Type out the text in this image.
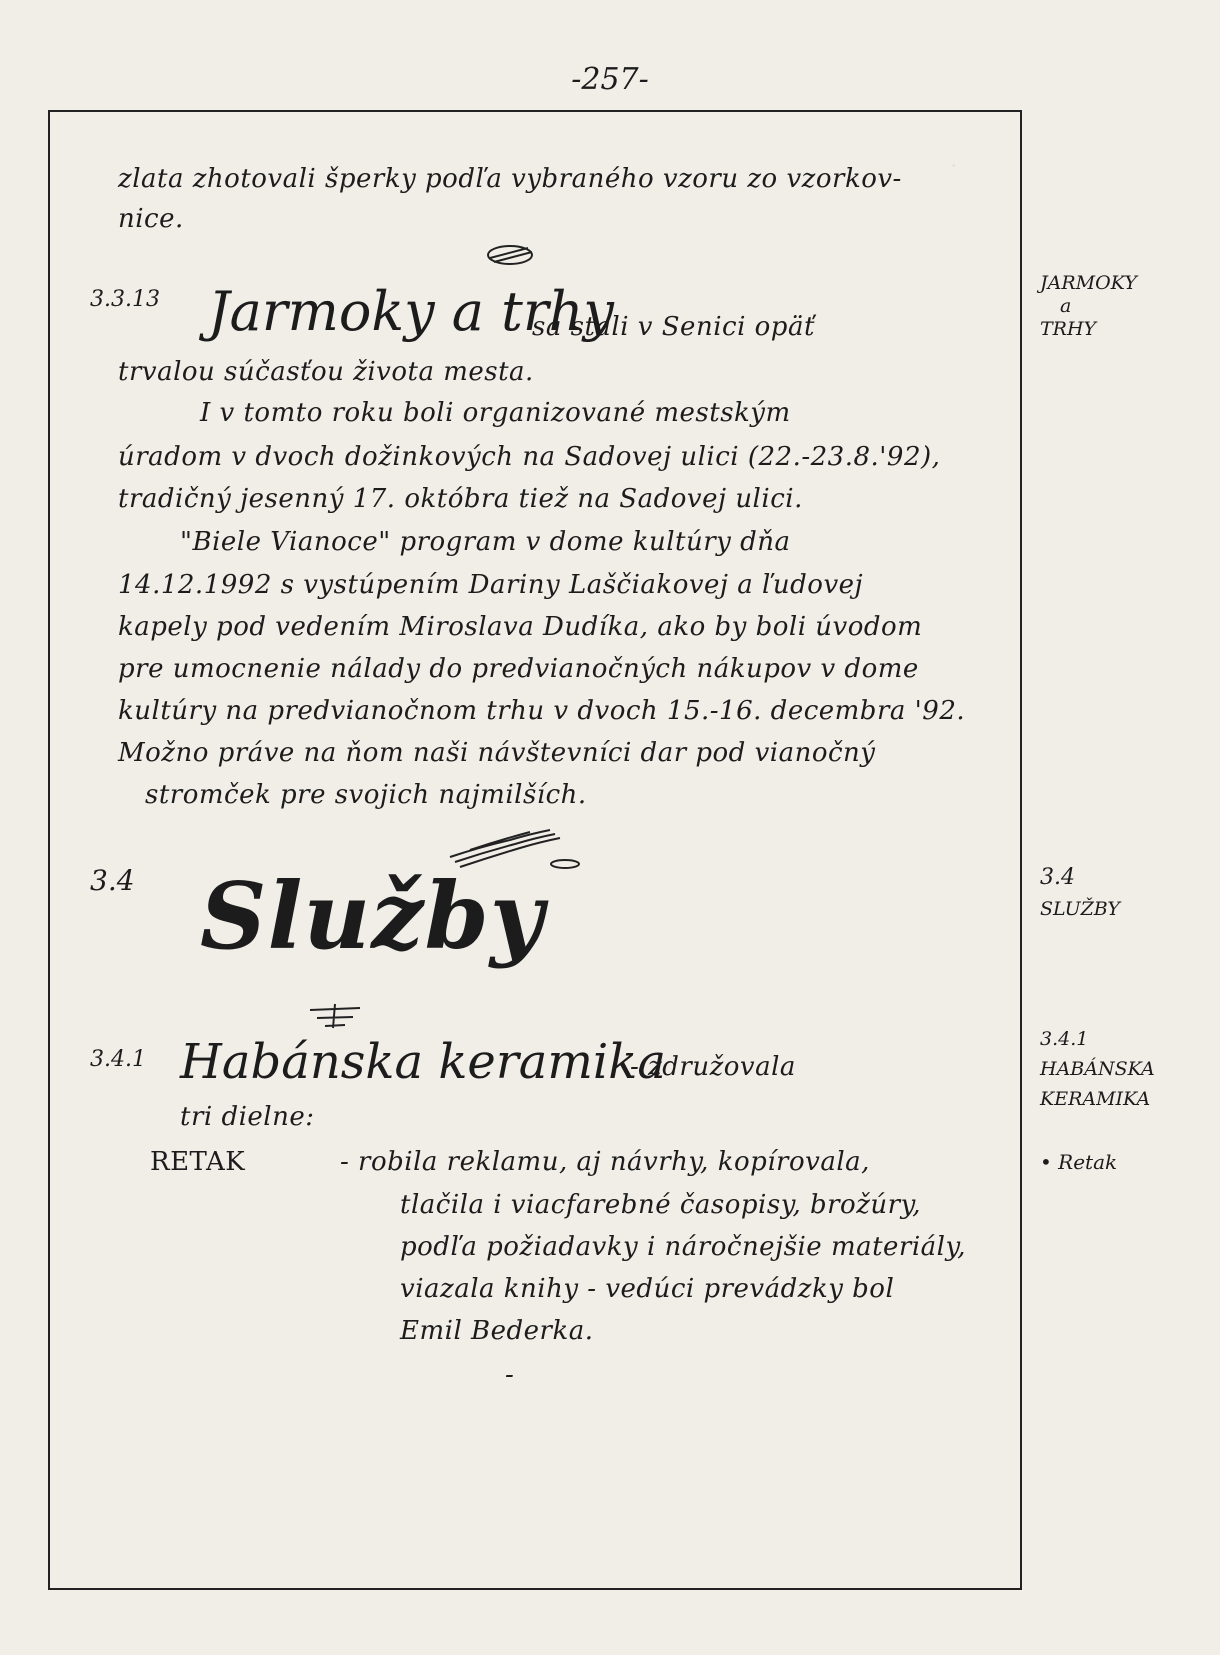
-257-
·
zlata zhotovali šperky podľa vybraného vzoru zo vzorkov-
nice.
3.3.13 Jarmoky a trhy
sa stali v Senici opäť
trvalou súčasťou života mesta.
I v tomto roku boli organizované mestským
úradom v dvoch dožinkových na Sadovej ulici (22.-23.8.'92),
tradičný jesenný 17. októbra tiež na Sadovej ulici.
"Biele Vianoce" program v dome kultúry dňa
14.12.1992 s vystúpením Dariny Laščiakovej a ľudovej
kapely pod vedením Miroslava Dudíka, ako by boli úvodom
pre umocnenie nálady do predvianočných nákupov v dome
kultúry na predvianočnom trhu v dvoch 15.-16. decembra '92.
Možno práve na ňom naši návštevníci dar pod vianočný
stromček pre svojich najmilších.
3.4 Služby
3.4.1 Habánska keramika
- združovala
tri dielne:
RETAK	- robila reklamu, aj návrhy, kopírovala,
tlačila i viacfarebné časopisy, brožúry,
podľa požiadavky i náročnejšie materiály,
viazala knihy - vedúci prevádzky bol
Emil Bederka.
-
JARMOKY
a
TRHY
3.4
SLUŽBY
3.4.1
HABÁNSKA
KERAMIKA
• Retak
